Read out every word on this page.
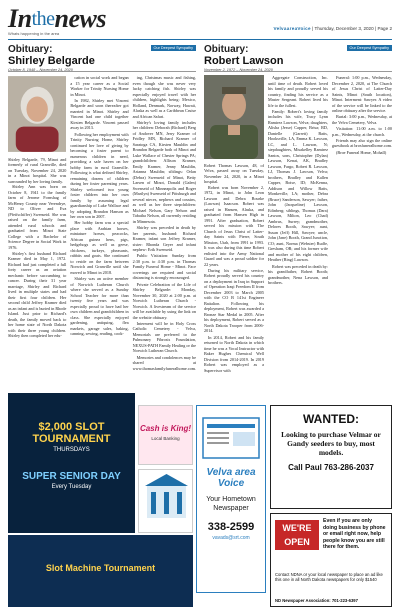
Inthenews
Whats happening in the area
VelvaareaVoice | Thursday, December 3, 2020 | Page 2
Obituary:
Shirley Belgarde
Our Deepest Sympathy
October 8, 1948 – November 24, 2020
Shirley Belgarde, 79, Minot and formerly of rural Granville, died on Tuesday, November 24, 2020 in a Minot hospital. She was surrounded by her loving family.

Shirley Ann was born on October 8, 1941 to the family farm of Jerome Fornshag of McHenry County near Verendrye, ND to Oliver and Eva (Pfeifschiffer) Swenseid. She was raised on the family farm, attended rural schools and graduated from Minot State College with a Bachelor of Science Degree in Social Work in 1976.

Shirley's first husband Richard Kramer died in May 1, 1972. Richard had just completed a full forty career as an aviation mechanic before succumbing to cancer. During their 31 year marriage, Shirley and Richard lived in multiple states and had their first four children. Her second child Jeffrey Kramer died as an infant and is buried in Rhode Island. Just prior to Richard's death, the family moved back to her home state of North Dakota with their three young children. Shirley then completed her edu-

cation in social work and began a 15 year career as a Social Worker for Trinity Nursing Home in Minot.

In 1982, Shirley met Vincent Belgarde and soon thereafter got married in Minot. Shirley and Vincent had one child together Kirsten Belgarde. Vincent passed away in 2013.

Following her employment with Trinity Nursing Home, Shirley continued her love of giving by becoming a foster parent to numerous children in need, providing a safe haven on her hobby farm in rural Granville. Following is what defined Shirley, remaining dozens of children during her foster parenting years. Shirley welcomed two young foster children into her own family by assuming legal guardianship of Luke Wallace and by adopting Brandon Hanson as her own son in 2007.

Her hobby farm was a special place with Arabian horses, miniature horses, peacocks, African guinea hens, pigs, hedgehogs as well as geese, chickens, turkeys, pheasants, rabbits and goats. She continued to reside on the farm between Norwich and Granville until she moved to Minot in 2018.

Shirley was an active member of Norwich Lutheran Church where she served as a Sunday School Teacher for more than twenty five years and was especially proud to have had her own children and grandchildren in class. She especially enjoyed gardening, antiquing, flea markets, garage sales, baking, canning, sewing, reading, cook-

ing, Christmas music and fishing, even though she was never very lucky catching fish. Shirley was especially enjoyed travel with her children, highlights being: Mexico, Holland, Denmark, Norway, Hawaii, Alaska as well as a Caribbean Cruise and African Safari.

Shirley's loving family includes her children: Deborah (Richard) Berg of Andover MN, Jerry Kramer of Fridley MN, Richard Kramer of Saratoga CA, Kirsten Mauldin and Brandon Belgarde both of Minot and Luke Wallace of Chester Springs PA; grandchildren: Allison Kramer, Emily Kramer, Jenny Mauldin, Arianna Mauldin; siblings: Orlan (Debra) Swenseid of Minot, Betty Larsen of Minot, Donald (Galen) Swenseid of Minneapolis and Roger (Marilyn) Swenseid of Pittsburgh and several nieces, nephews and cousins, as well as her three stepchildren: Michael Nelson, Gary Nelson and Tabatha Nelson, all currently residing in Minnesota.

Shirley was preceded in death by her parents, husband: Richard Kramer, infant son Jeffrey Kramer, sister: Rhonda Geyer and infant nephew: Erik Swenseid.

Public Visitation: Sunday from 2:30 p.m. to 4:30 p.m. in Thomas Family Funeral Home - Minot. Face coverings are required and social distancing is strongly encouraged.

Private Celebration of the Life of Shirley Belgarde: Monday, November 30, 2020 at 2:00 p.m. at Norwich Lutheran Church - Norwich. A livestream of the service will be available by using the link on the website obituary.

Interment will be in Holy Cross Catholic Cemetery - Velva, Memorials are preferred to the Pulmonary Fibrosis Foundation, NEXUS-PATH Family Healing or the Norwich Lutheran Church.

Memories and condolences may be shared at www.thomasfamilyfuneralhome.com.

Obituary:
Robert Lawson
Our Deepest Sympathy
November 2, 1972 – November 24, 2020
Robert Thomas Lawson, 48, of Velva, passed away on Tuesday, November 24, 2020, in a Minot hospital.

Robert was born November 2, 1972, in Minot, to John Leon Lawson and Debra Bourke (Lawson) Isaacson. Robert was raised in Hansen, Alaska, and graduated from Hansen High in 1991. After graduation, Robert served his mission with The Church of Jesus Christ of Latter-day Saints with Pierre, South Mission, Utah, from 1991 to 1993. It was also during this time Robert enlisted into the Army National Guard and was a proud soldier for 22 years.

During his military service, Robert proudly served his country on a deployment in Iraq in Support of Operation Iraqi Freedom II from December 2003 to March 2005 with the CO B 141st Engineer Battalion. Following his deployment, Robert was awarded a Bronze Star Medal in 2005. After his deployment, Robert served as a North Dakota Trooper from 2006-2014.

In 2014, Robert and his family returned to North Dakota in which time he was a Vocal Instructor with Baker Hughes Chemical Well Division from 2014-2019. In 2019 Robert was employed as a Supervisor with

Aggregate Construction, Inc. until time of death. Robert loved his family and proudly served his country, finding his service as a Master Sergeant. Robert lived his life to the fullest.

Family: Robert's loving family includes his wife, Tracy Lynn Ramirez Lawson, Velva; daughters, Alisha (Jesse) Capper, Brisa; RD, Danielle (Garrett) Batts, Hooksville, LA, Emma K. Lawson, LC, and L. Lawson, N; stepdaughters, Misakelley Ramirez Santos, sons, Christopher (Dylan) Lawson, Kenai, AK, Bradley Lawson, Fargo, Robert R. Lawson, LJ, Thomas J. Lawson, Velva; brothers, Bradley and Kallen Capper, Boise, ID; McKenna, Addison and Willow Batts, Monkeville, LA; mother, Debra (Bruce) Sanderson, Sawyer; father, John (Jacqueline) Lawson, Edinberg; siblings, Thomas (Dara) Lawson, Milton, Leo (Chad) Ambrus, Surrey; grandmother, Delores Booth, Sawyer; aunt, Susan (Jeff) Hill, Sawyer; uncle, John (Jane) Booth, Grand Junction, CO; aunt, Norma (Webster) Rudfe, Gresham, OR; and his former wife and mother of his eight children, Heather (Ring) Lawson.

Robert was preceded in death by: his grandfather, Robert Booth; grandmother, Nena Lawson, and brothers.

Funeral: 1:00 p.m., Wednesday, December 2, 2020, at The Church of Jesus Christ of Latter-Day Saints, Minot (South location), Minot. Interment: Sawyer. A video of the service will be linked to the online obituary after the service.

Burial: 3:00 p.m., Wednesday, at the Velva Cemetery, Velva.

Visitation: 11:00 a.m. to 1:00 p.m., Wednesday, at the church.

Friends may also sign the online guestbook at brosfuneralhome.com.

(Broe Funeral Home, Mohall)

$2,000 SLOT TOURNAMENT
THURSDAYS
SUPER SENIOR DAY
Every Tuesday
Cash is King!
Local Banking
Velva area Voice
Your Hometown Newspaper
338-2599
vavads@srt.com
WANTED:
Looking to purchase Velmar or Gandy seeders to buy, most models.
Call Paul 763-286-2037
WE'RE OPEN
Even if you are only doing business by phone or email right now, help people know you are still there for them.
Contact NDNA or your local newspaper to place an ad like this one in all North Dakota newspapers for only $1540
ND Newspaper Association: 701-223-6397
Slot Machine Tournament
